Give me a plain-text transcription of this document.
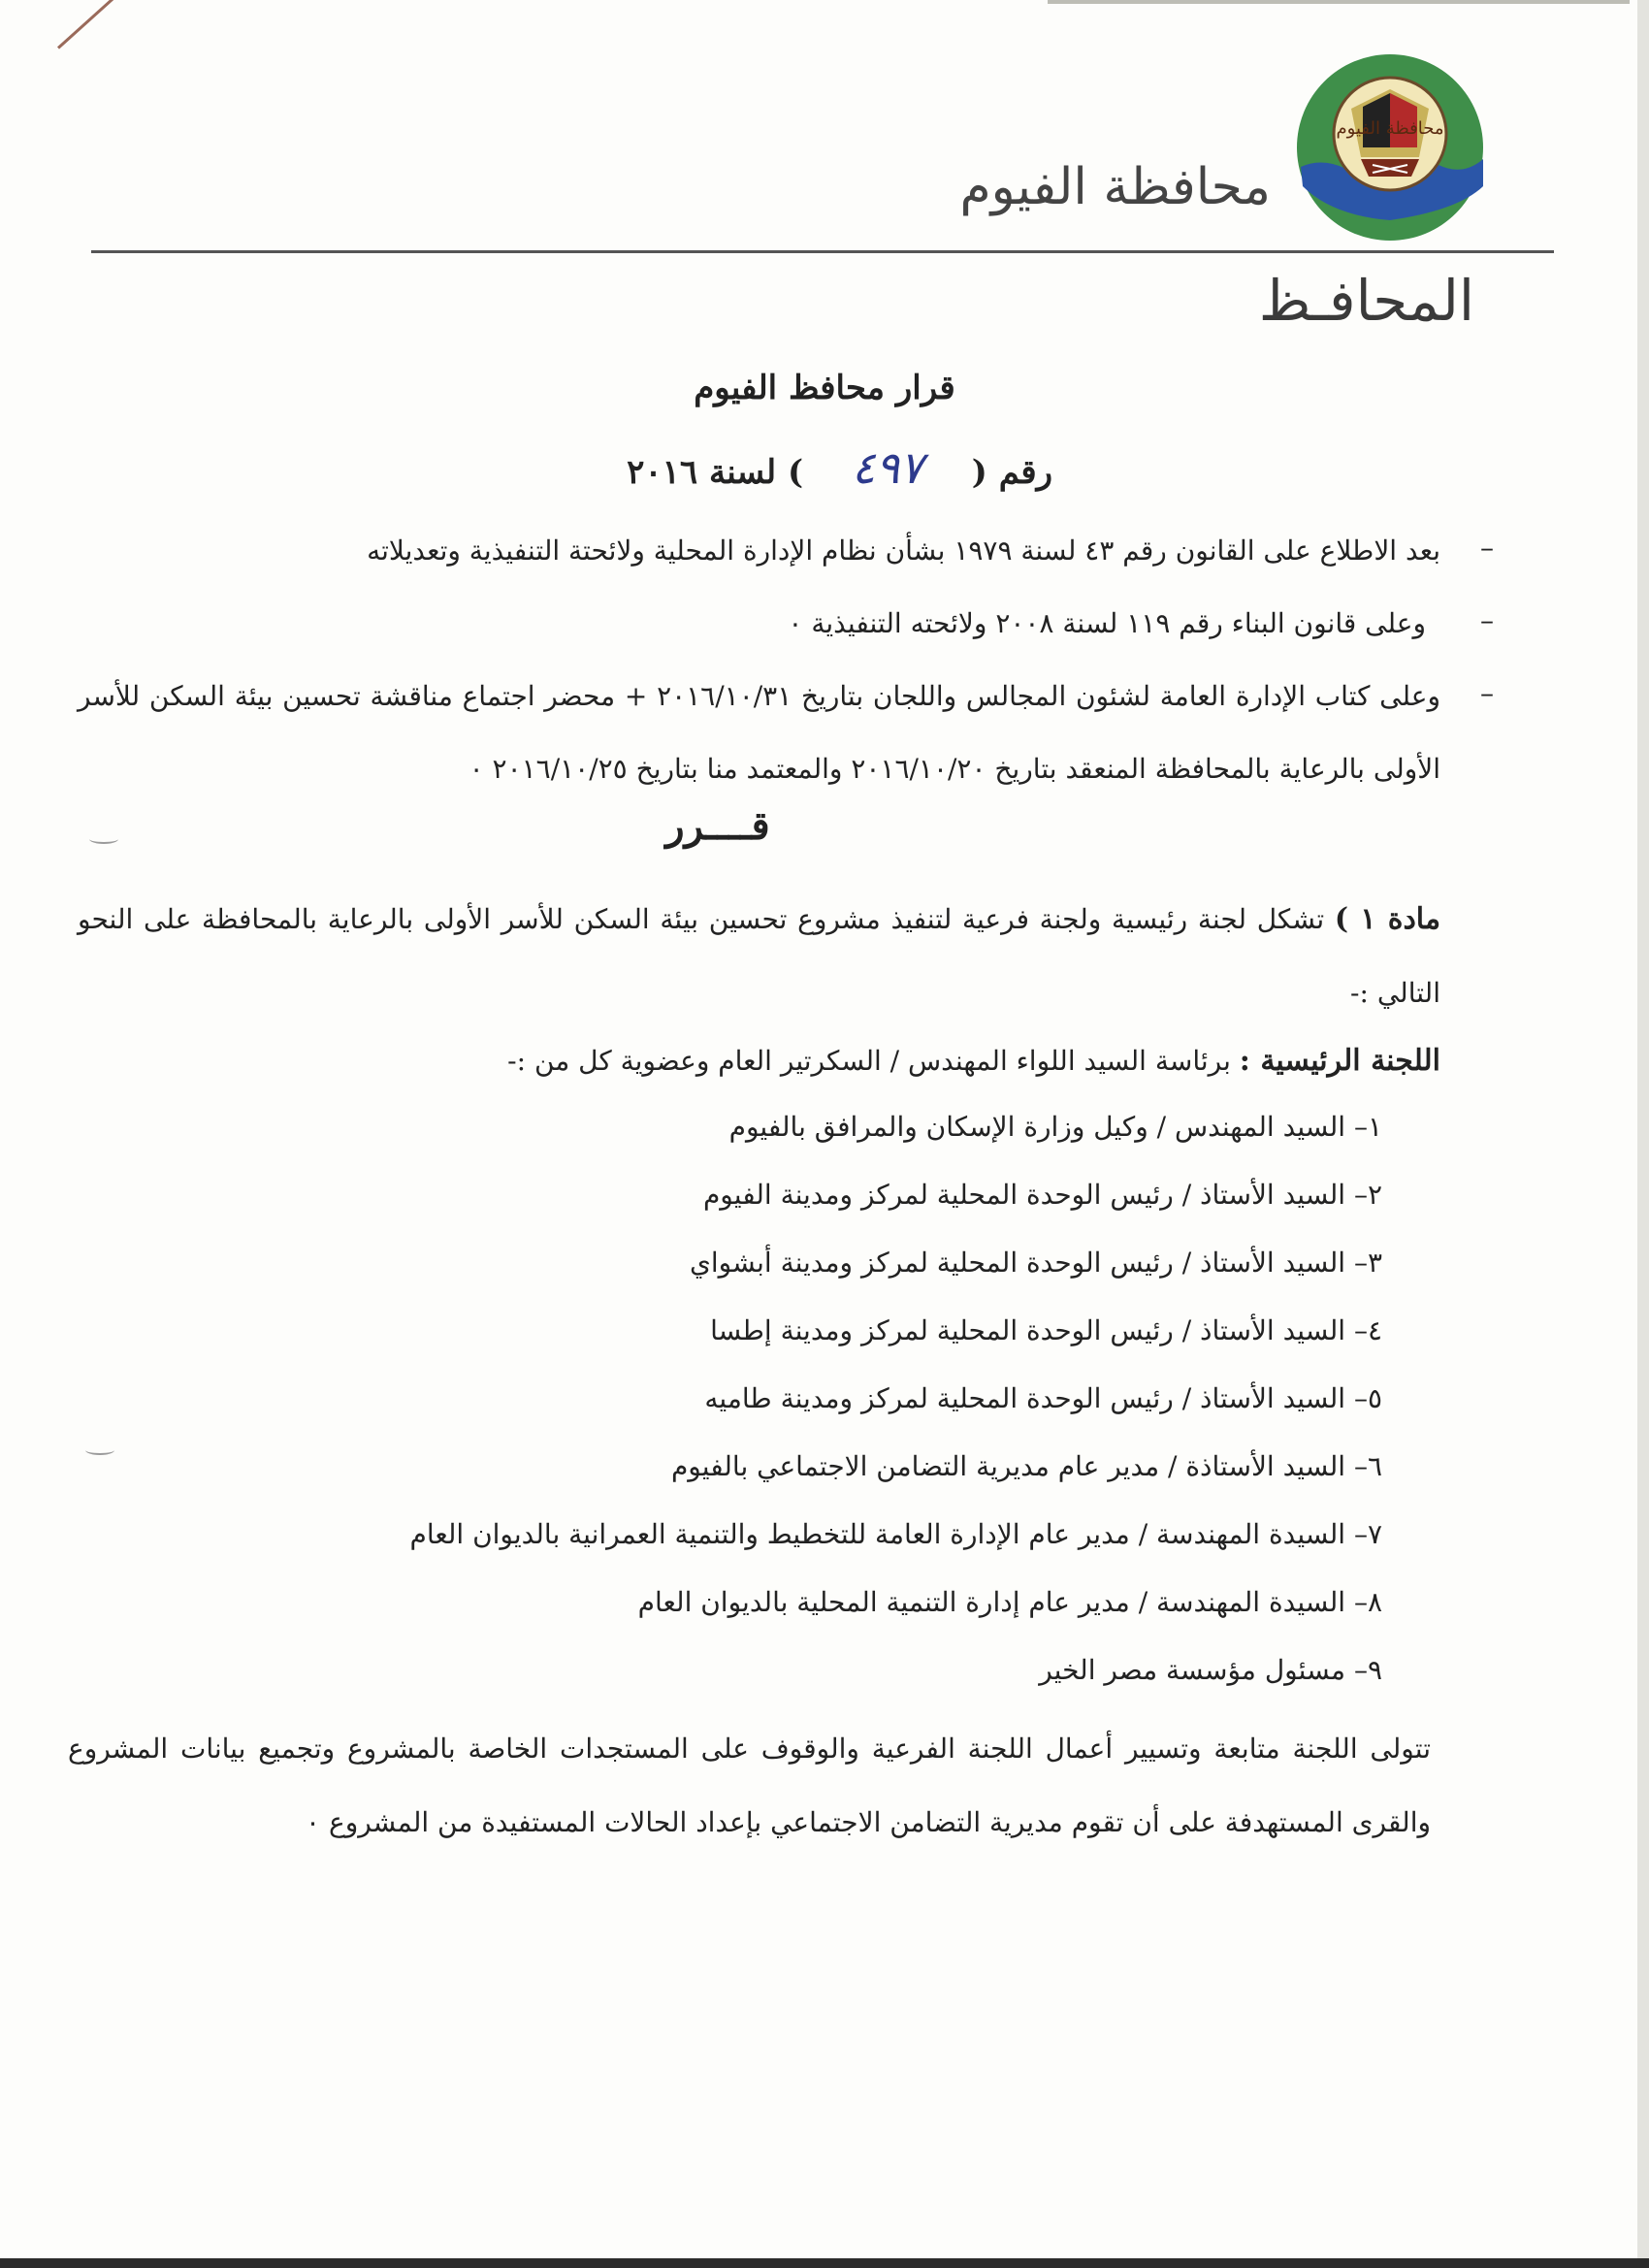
محافظة الفيوم
محافظة الفيوم
المحافـظ
قرار محافظ الفيوم
رقم ( ٤٩٧ ) لسنة ٢٠١٦
–
بعد الاطلاع على القانون رقم ٤٣ لسنة ١٩٧٩ بشأن نظام الإدارة المحلية ولائحتة التنفيذية وتعديلاته
–
وعلى قانون البناء رقم ١١٩ لسنة ٢٠٠٨ ولائحته التنفيذية ٠
–
وعلى كتاب الإدارة العامة لشئون المجالس واللجان بتاريخ ٢٠١٦/١٠/٣١ + محضر اجتماع مناقشة تحسين بيئة السكن للأسر الأولى بالرعاية بالمحافظة المنعقد بتاريخ ٢٠١٦/١٠/٢٠ والمعتمد منا بتاريخ ٢٠١٦/١٠/٢٥ ٠
قــــرر
مادة ١ ) تشكل لجنة رئيسية ولجنة فرعية لتنفيذ مشروع تحسين بيئة السكن للأسر الأولى بالرعاية بالمحافظة على النحو التالي :-
اللجنة الرئيسية : برئاسة السيد اللواء المهندس / السكرتير العام وعضوية كل من :-
١– السيد المهندس / وكيل وزارة الإسكان والمرافق بالفيوم
٢– السيد الأستاذ / رئيس الوحدة المحلية لمركز ومدينة الفيوم
٣– السيد الأستاذ / رئيس الوحدة المحلية لمركز ومدينة أبشواي
٤– السيد الأستاذ / رئيس الوحدة المحلية لمركز ومدينة إطسا
٥– السيد الأستاذ / رئيس الوحدة المحلية لمركز ومدينة طاميه
٦– السيد الأستاذة / مدير عام مديرية التضامن الاجتماعي بالفيوم
٧– السيدة المهندسة / مدير عام الإدارة العامة للتخطيط والتنمية العمرانية بالديوان العام
٨– السيدة المهندسة / مدير عام إدارة التنمية المحلية بالديوان العام
٩– مسئول مؤسسة مصر الخير
تتولى اللجنة متابعة وتسيير أعمال اللجنة الفرعية والوقوف على المستجدات الخاصة بالمشروع وتجميع بيانات المشروع والقرى المستهدفة على أن تقوم مديرية التضامن الاجتماعي بإعداد الحالات المستفيدة من المشروع ٠
